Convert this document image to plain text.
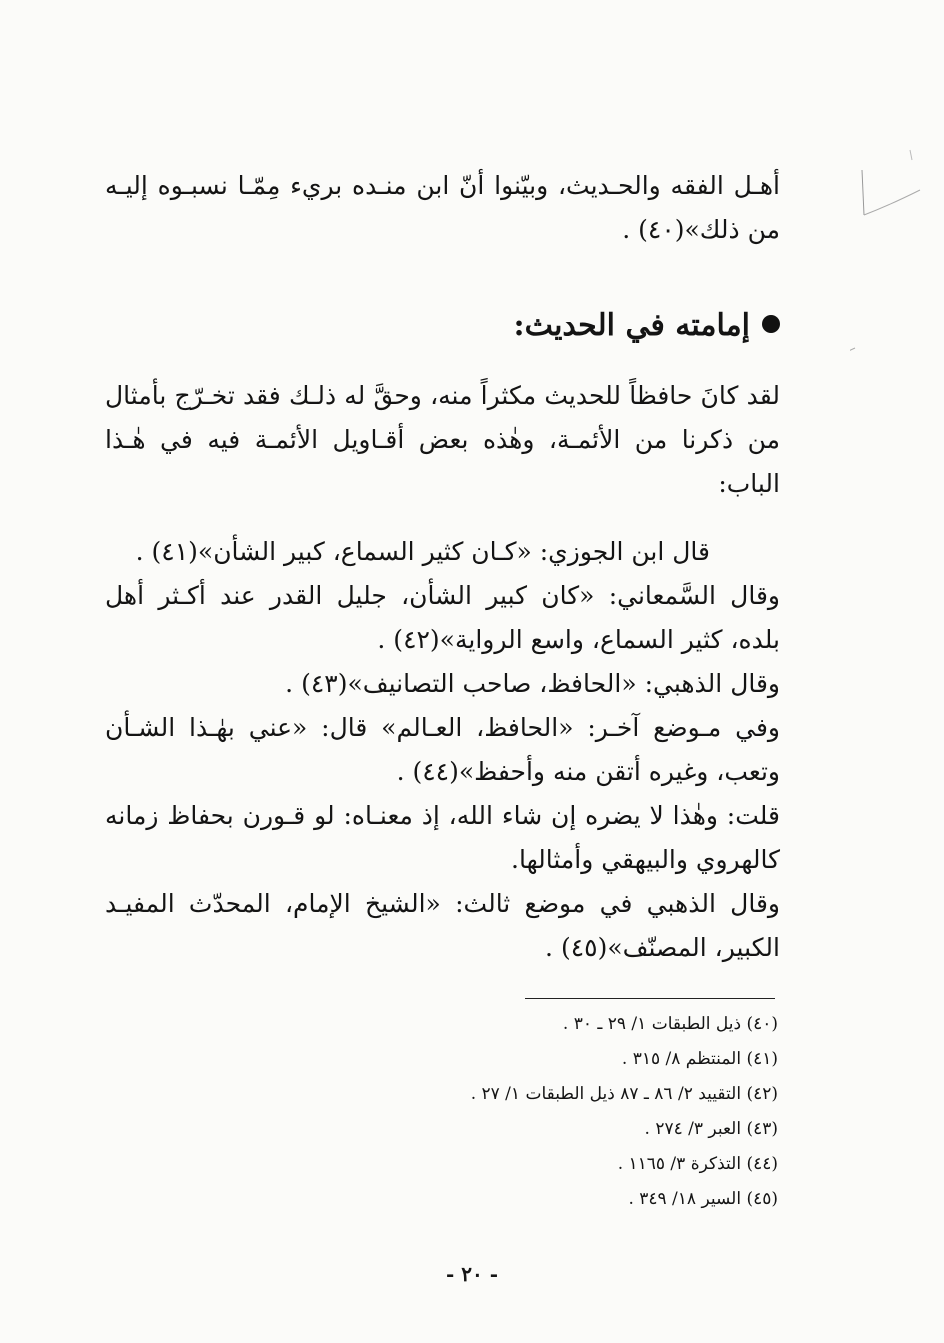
أهـل الفقه والحـديث، وبيّنوا أنّ ابن منـده بريء مِمّـا نسبـوه إليـه من ذلك»(٤٠) .

إمامته في الحديث:

لقد كانَ حافظاً للحديث مكثراً منه، وحقَّ له ذلـك فقد تخـرّج بأمثال من ذكرنا من الأئمـة، وهٰذه بعض أقـاويل الأئمـة فيه في هٰـذا الباب:

قال ابن الجوزي: «كـان كثير السماع، كبير الشأن»(٤١) .

وقال السَّمعاني: «كان كبير الشأن، جليل القدر عند أكـثر أهل بلده، كثير السماع، واسع الرواية»(٤٢) .

وقال الذهبي: «الحافظ، صاحب التصانيف»(٤٣) .

وفي مـوضع آخـر: «الحافظ، العـالم» قال: «عني بهٰـذا الشـأن وتعب، وغيره أتقن منه وأحفظ»(٤٤) .

قلت: وهٰذا لا يضره إن شاء الله، إذ معنـاه: لو قـورن بحفاظ زمانه كالهروي والبيهقي وأمثالها.

وقال الذهبي في موضع ثالث: «الشيخ الإمام، المحدّث المفيـد الكبير، المصنّف»(٤٥) .

(٤٠) ذيل الطبقات ١/ ٢٩ ـ ٣٠ .

(٤١) المنتظم ٨/ ٣١٥ .

(٤٢) التقييد ٢/ ٨٦ ـ ٨٧ ذيل الطبقات ١/ ٢٧ .

(٤٣) العبر ٣/ ٢٧٤ .

(٤٤) التذكرة ٣/ ١١٦٥ .

(٤٥) السير ١٨/ ٣٤٩ .

- ٢٠ -
